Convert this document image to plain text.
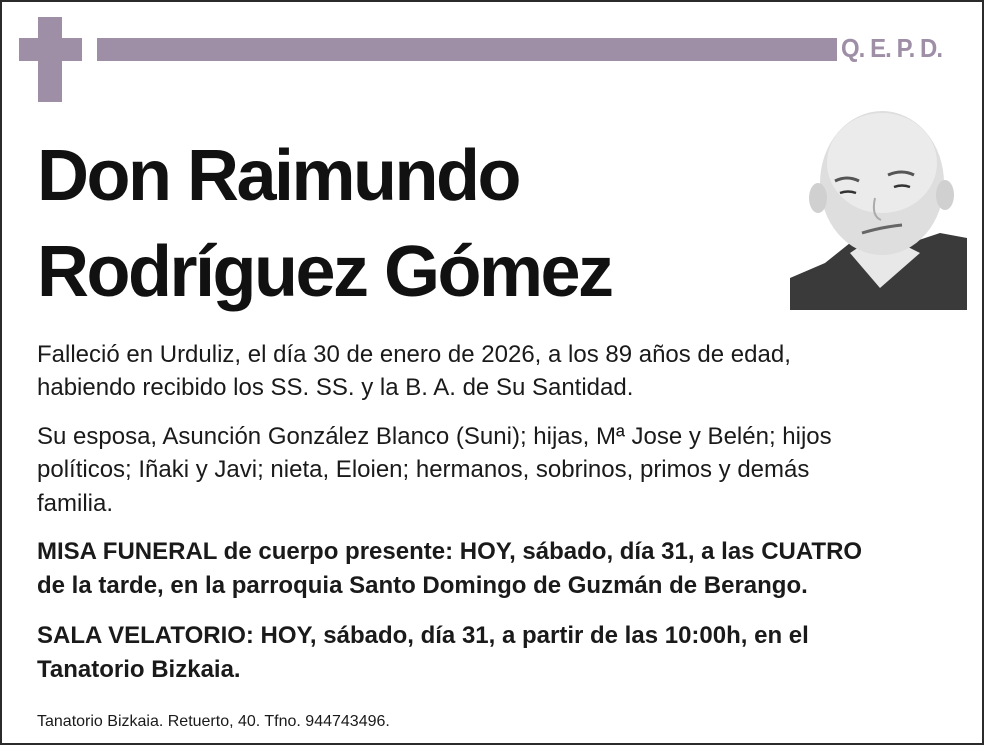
Q. E. P. D.
Don Raimundo
Rodríguez Gómez
Falleció en Urduliz, el día 30 de enero de 2026, a los 89 años de edad,
habiendo recibido los SS. SS. y la B. A. de Su Santidad.
Su esposa, Asunción González Blanco (Suni); hijas, Mª Jose y Belén; hijos
políticos; Iñaki y Javi; nieta, Eloien; hermanos, sobrinos, primos y demás
familia.
MISA FUNERAL de cuerpo presente: HOY, sábado, día 31, a las CUATRO
de la tarde, en la parroquia Santo Domingo de Guzmán de Berango.
SALA VELATORIO: HOY, sábado, día 31, a partir de las 10:00h, en el
Tanatorio Bizkaia.
Tanatorio Bizkaia. Retuerto, 40. Tfno. 944743496.
